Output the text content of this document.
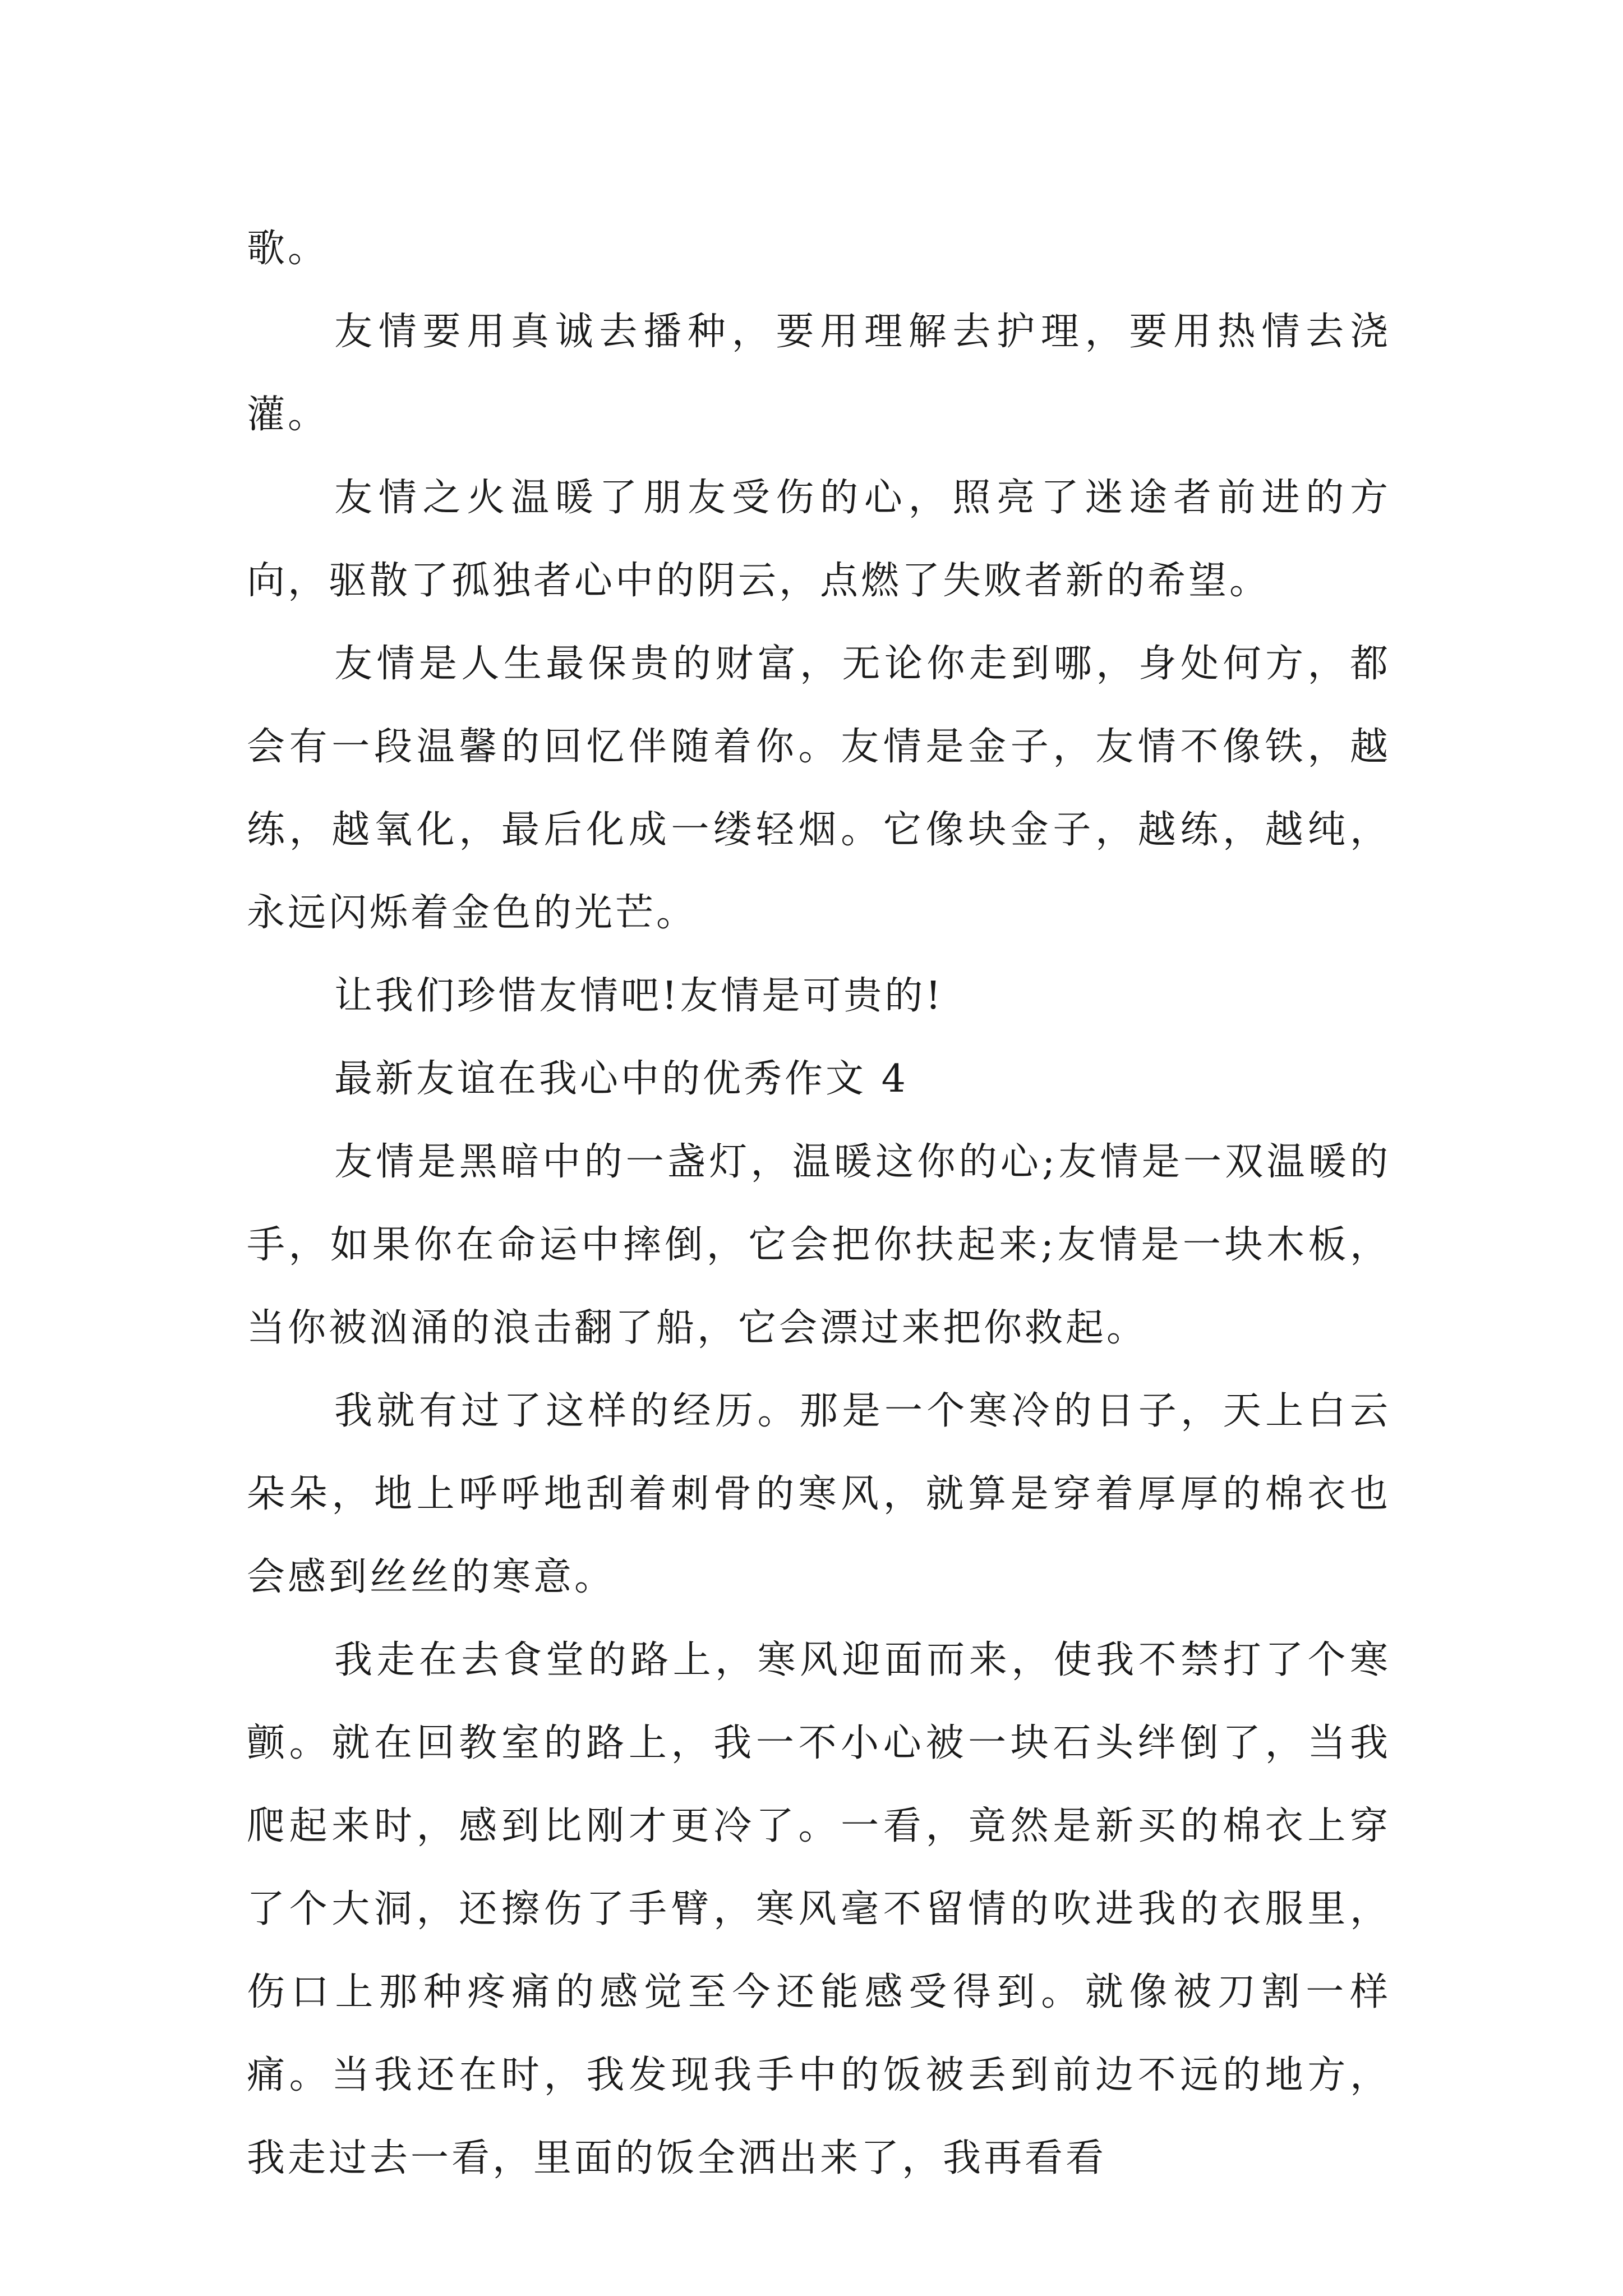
歌。

友情要用真诚去播种，要用理解去护理，要用热情去浇灌。

友情之火温暖了朋友受伤的心，照亮了迷途者前进的方向，驱散了孤独者心中的阴云，点燃了失败者新的希望。

友情是人生最保贵的财富，无论你走到哪，身处何方，都会有一段温馨的回忆伴随着你。友情是金子，友情不像铁，越练，越氧化，最后化成一缕轻烟。它像块金子，越练，越纯，永远闪烁着金色的光芒。

让我们珍惜友情吧!友情是可贵的!

最新友谊在我心中的优秀作文 4

友情是黑暗中的一盏灯，温暖这你的心;友情是一双温暖的手，如果你在命运中摔倒，它会把你扶起来;友情是一块木板，当你被汹涌的浪击翻了船，它会漂过来把你救起。

我就有过了这样的经历。那是一个寒冷的日子，天上白云朵朵，地上呼呼地刮着刺骨的寒风，就算是穿着厚厚的棉衣也会感到丝丝的寒意。

我走在去食堂的路上，寒风迎面而来，使我不禁打了个寒颤。就在回教室的路上，我一不小心被一块石头绊倒了，当我爬起来时，感到比刚才更冷了。一看，竟然是新买的棉衣上穿了个大洞，还擦伤了手臂，寒风毫不留情的吹进我的衣服里，伤口上那种疼痛的感觉至今还能感受得到。就像被刀割一样痛。当我还在时，我发现我手中的饭被丢到前边不远的地方，我走过去一看，里面的饭全洒出来了，我再看看
